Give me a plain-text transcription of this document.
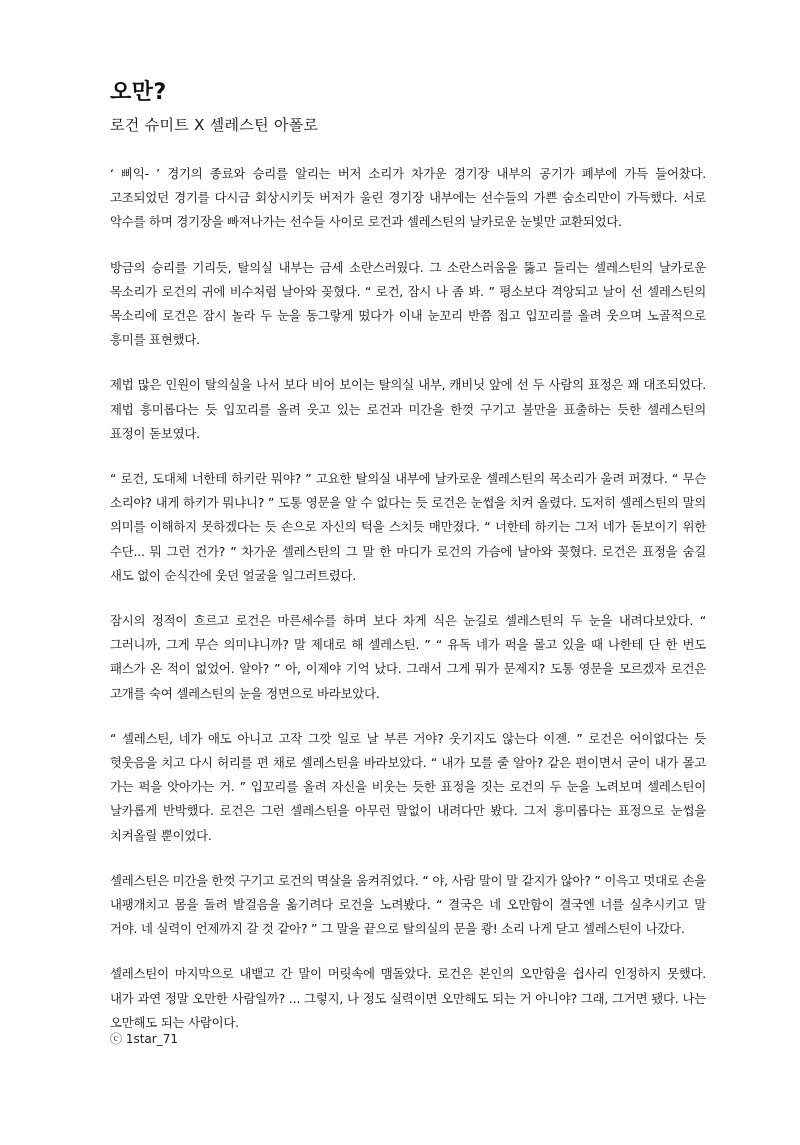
오만?
로건 슈미트 X 셀레스틴 아폴로

‘ 삐익- ’ 경기의 종료와 승리를 알리는 버저 소리가 차가운 경기장 내부의 공기가 폐부에 가득 들어찼다. 고조되었던 경기를 다시금 회상시키듯 버저가 울린 경기장 내부에는 선수들의 가쁜 숨소리만이 가득했다. 서로 악수를 하며 경기장을 빠져나가는 선수들 사이로 로건과 셀레스틴의 날카로운 눈빛만 교환되었다.

방금의 승리를 기리듯, 탈의실 내부는 금세 소란스러웠다. 그 소란스러움을 뚫고 들리는 셀레스틴의 날카로운 목소리가 로건의 귀에 비수처럼 날아와 꽂혔다. “ 로건, 잠시 나 좀 봐. ” 평소보다 격앙되고 날이 선 셀레스틴의 목소리에 로건은 잠시 놀라 두 눈을 동그랗게 떴다가 이내 눈꼬리 반쯤 접고 입꼬리를 올려 웃으며 노골적으로 흥미를 표현했다.

제법 많은 인원이 탈의실을 나서 보다 비어 보이는 탈의실 내부, 캐비닛 앞에 선 두 사람의 표정은 꽤 대조되었다. 제법 흥미롭다는 듯 입꼬리를 올려 웃고 있는 로건과 미간을 한껏 구기고 불만을 표출하는 듯한 셀레스틴의 표정이 돋보였다.

“ 로건, 도대체 너한테 하키란 뭐야? ” 고요한 탈의실 내부에 날카로운 셀레스틴의 목소리가 울려 퍼졌다. “ 무슨 소리야? 내게 하키가 뭐냐니? ” 도통 영문을 알 수 없다는 듯 로건은 눈썹을 치켜 올렸다. 도저히 셀레스틴의 말의 의미를 이해하지 못하겠다는 듯 손으로 자신의 턱을 스치듯 매만졌다. “ 너한테 하키는 그저 네가 돋보이기 위한 수단... 뭐 그런 건가? ” 차가운 셀레스틴의 그 말 한 마디가 로건의 가슴에 날아와 꽂혔다. 로건은 표정을 숨길 새도 없이 순식간에 웃던 얼굴을 일그러트렸다.

잠시의 정적이 흐르고 로건은 마른세수를 하며 보다 차게 식은 눈길로 셀레스틴의 두 눈을 내려다보았다. “ 그러니까, 그게 무슨 의미냐니까? 말 제대로 해 셀레스틴. ” “ 유독 네가 퍽을 몰고 있을 때 나한테 단 한 번도 패스가 온 적이 없었어. 알아? ” 아, 이제야 기억 났다. 그래서 그게 뭐가 문제지? 도통 영문을 모르겠자 로건은 고개를 숙여 셀레스틴의 눈을 정면으로 바라보았다.

“ 셀레스틴, 네가 애도 아니고 고작 그깟 일로 날 부른 거야? 웃기지도 않는다 이젠. ” 로건은 어이없다는 듯 헛웃음을 치고 다시 허리를 편 채로 셀레스틴을 바라보았다. “ 내가 모를 줄 알아? 같은 편이면서 굳이 내가 몰고 가는 퍽을 앗아가는 거. ” 입꼬리를 올려 자신을 비웃는 듯한 표정을 짓는 로건의 두 눈을 노려보며 셀레스틴이 날카롭게 반박했다. 로건은 그런 셀레스틴을 아무런 말없이 내려다만 봤다. 그저 흥미롭다는 표정으로 눈썹을 치켜올릴 뿐이었다.

셀레스틴은 미간을 한껏 구기고 로건의 멱살을 움켜쥐었다. “ 야, 사람 말이 말 같지가 않아? ” 이윽고 멋대로 손을 내팽개치고 몸을 돌려 발걸음을 옮기려다 로건을 노려봤다. “ 결국은 네 오만함이 결국엔 너를 실추시키고 말 거야. 네 실력이 언제까지 갈 것 같아? ” 그 말을 끝으로 탈의실의 문을 쾅! 소리 나게 닫고 셀레스틴이 나갔다.

셀레스틴이 마지막으로 내뱉고 간 말이 머릿속에 맴돌았다. 로건은 본인의 오만함을 쉽사리 인정하지 못했다. 내가 과연 정말 오만한 사람일까? ... 그렇지, 나 정도 실력이면 오만해도 되는 거 아니야? 그래, 그거면 됐다. 나는 오만해도 되는 사람이다.

ⓒ 1star_71
